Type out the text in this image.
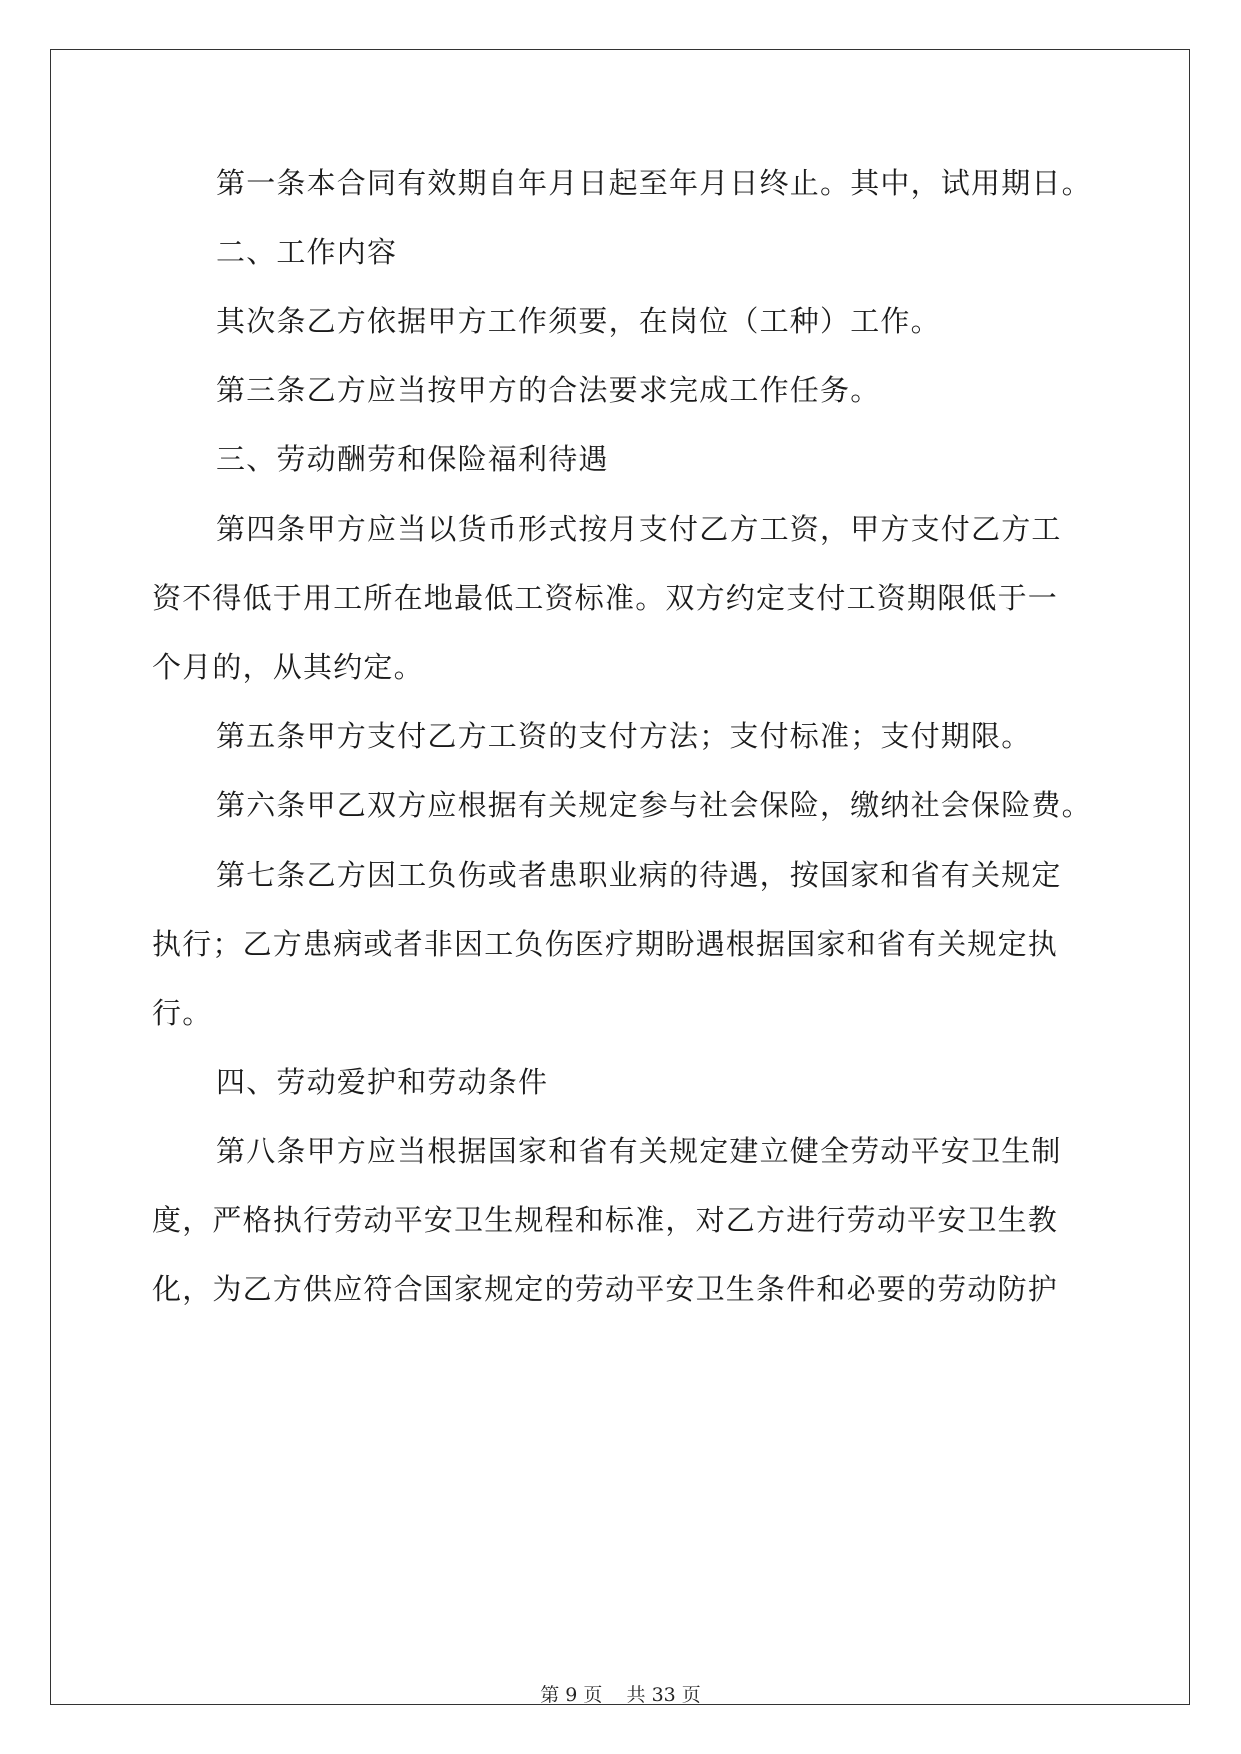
第一条本合同有效期自年月日起至年月日终止。其中，试用期日。
二、工作内容
其次条乙方依据甲方工作须要，在岗位（工种）工作。
第三条乙方应当按甲方的合法要求完成工作任务。
三、劳动酬劳和保险福利待遇
第四条甲方应当以货币形式按月支付乙方工资，甲方支付乙方工
资不得低于用工所在地最低工资标准。双方约定支付工资期限低于一
个月的，从其约定。
第五条甲方支付乙方工资的支付方法；支付标准；支付期限。
第六条甲乙双方应根据有关规定参与社会保险，缴纳社会保险费。
第七条乙方因工负伤或者患职业病的待遇，按国家和省有关规定
执行；乙方患病或者非因工负伤医疗期盼遇根据国家和省有关规定执
行。
四、劳动爱护和劳动条件
第八条甲方应当根据国家和省有关规定建立健全劳动平安卫生制
度，严格执行劳动平安卫生规程和标准，对乙方进行劳动平安卫生教
化，为乙方供应符合国家规定的劳动平安卫生条件和必要的劳动防护
第 9 页    共 33 页
